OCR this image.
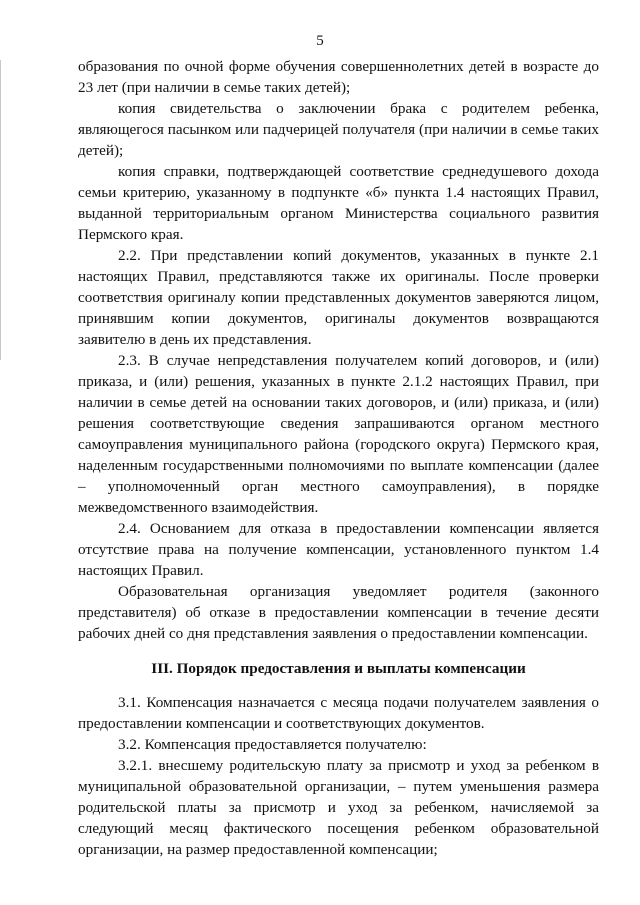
5

образования по очной форме обучения совершеннолетних детей в возрасте до 23 лет (при наличии в семье таких детей);

копия свидетельства о заключении брака с родителем ребенка, являющегося пасынком или падчерицей получателя (при наличии в семье таких детей);

копия справки, подтверждающей соответствие среднедушевого дохода семьи критерию, указанному в подпункте «б» пункта 1.4 настоящих Правил, выданной территориальным органом Министерства социального развития Пермского края.

2.2. При представлении копий документов, указанных в пункте 2.1 настоящих Правил, представляются также их оригиналы. После проверки соответствия оригиналу копии представленных документов заверяются лицом, принявшим копии документов, оригиналы документов возвращаются заявителю в день их представления.

2.3. В случае непредставления получателем копий договоров, и (или) приказа, и (или) решения, указанных в пункте 2.1.2 настоящих Правил, при наличии в семье детей на основании таких договоров, и (или) приказа, и (или) решения соответствующие сведения запрашиваются органом местного самоуправления муниципального района (городского округа) Пермского края, наделенным государственными полномочиями по выплате компенсации (далее – уполномоченный орган местного самоуправления), в порядке межведомственного взаимодействия.

2.4. Основанием для отказа в предоставлении компенсации является отсутствие права на получение компенсации, установленного пунктом 1.4 настоящих Правил.

Образовательная организация уведомляет родителя (законного представителя) об отказе в предоставлении компенсации в течение десяти рабочих дней со дня представления заявления о предоставлении компенсации.

III. Порядок предоставления и выплаты компенсации

3.1. Компенсация назначается с месяца подачи получателем заявления о предоставлении компенсации и соответствующих документов.

3.2. Компенсация предоставляется получателю:

3.2.1. внесшему родительскую плату за присмотр и уход за ребенком в муниципальной образовательной организации, – путем уменьшения размера родительской платы за присмотр и уход за ребенком, начисляемой за следующий месяц фактического посещения ребенком образовательной организации, на размер предоставленной компенсации;
